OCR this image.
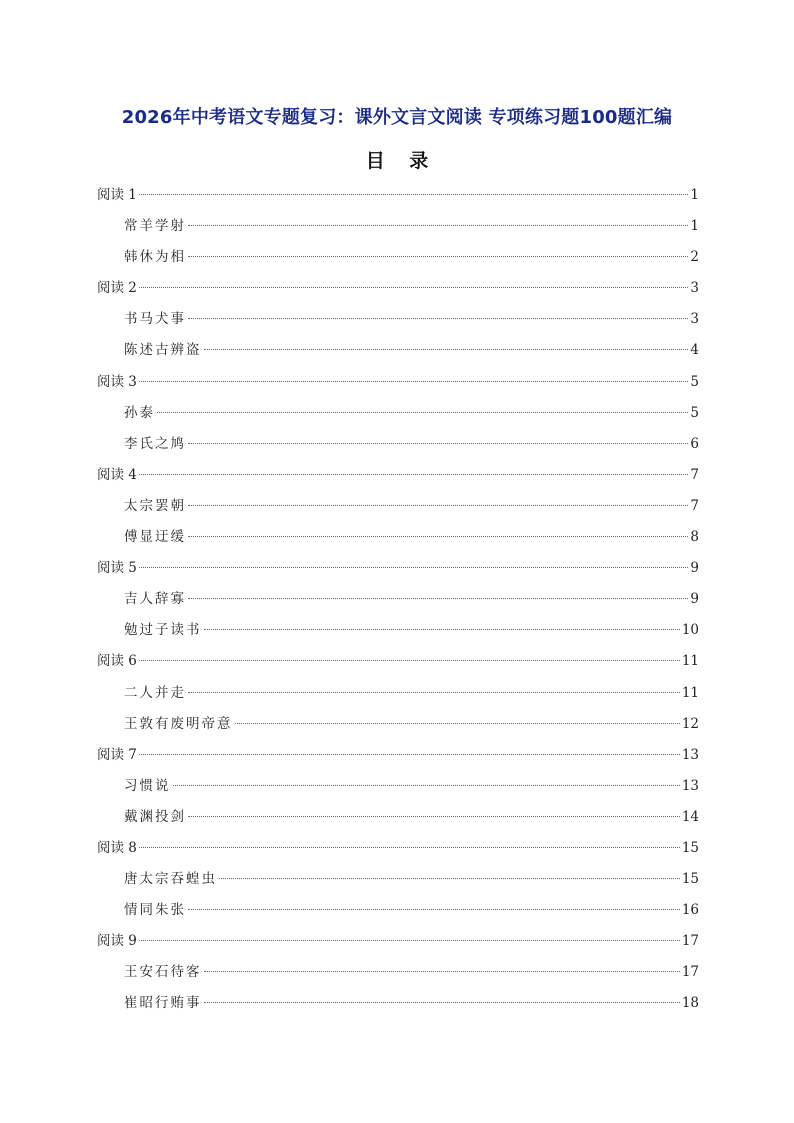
2026年中考语文专题复习：课外文言文阅读 专项练习题100题汇编
目 录
阅读 1	1
常羊学射	1
韩休为相	2
阅读 2	3
书马犬事	3
陈述古辨盗	4
阅读 3	5
孙泰	5
李氏之鸠	6
阅读 4	7
太宗罢朝	7
傅显迂缓	8
阅读 5	9
吉人辞寡	9
勉过子读书	10
阅读 6	11
二人并走	11
王敦有废明帝意	12
阅读 7	13
习惯说	13
戴渊投剑	14
阅读 8	15
唐太宗吞蝗虫	15
情同朱张	16
阅读 9	17
王安石待客	17
崔昭行贿事	18
